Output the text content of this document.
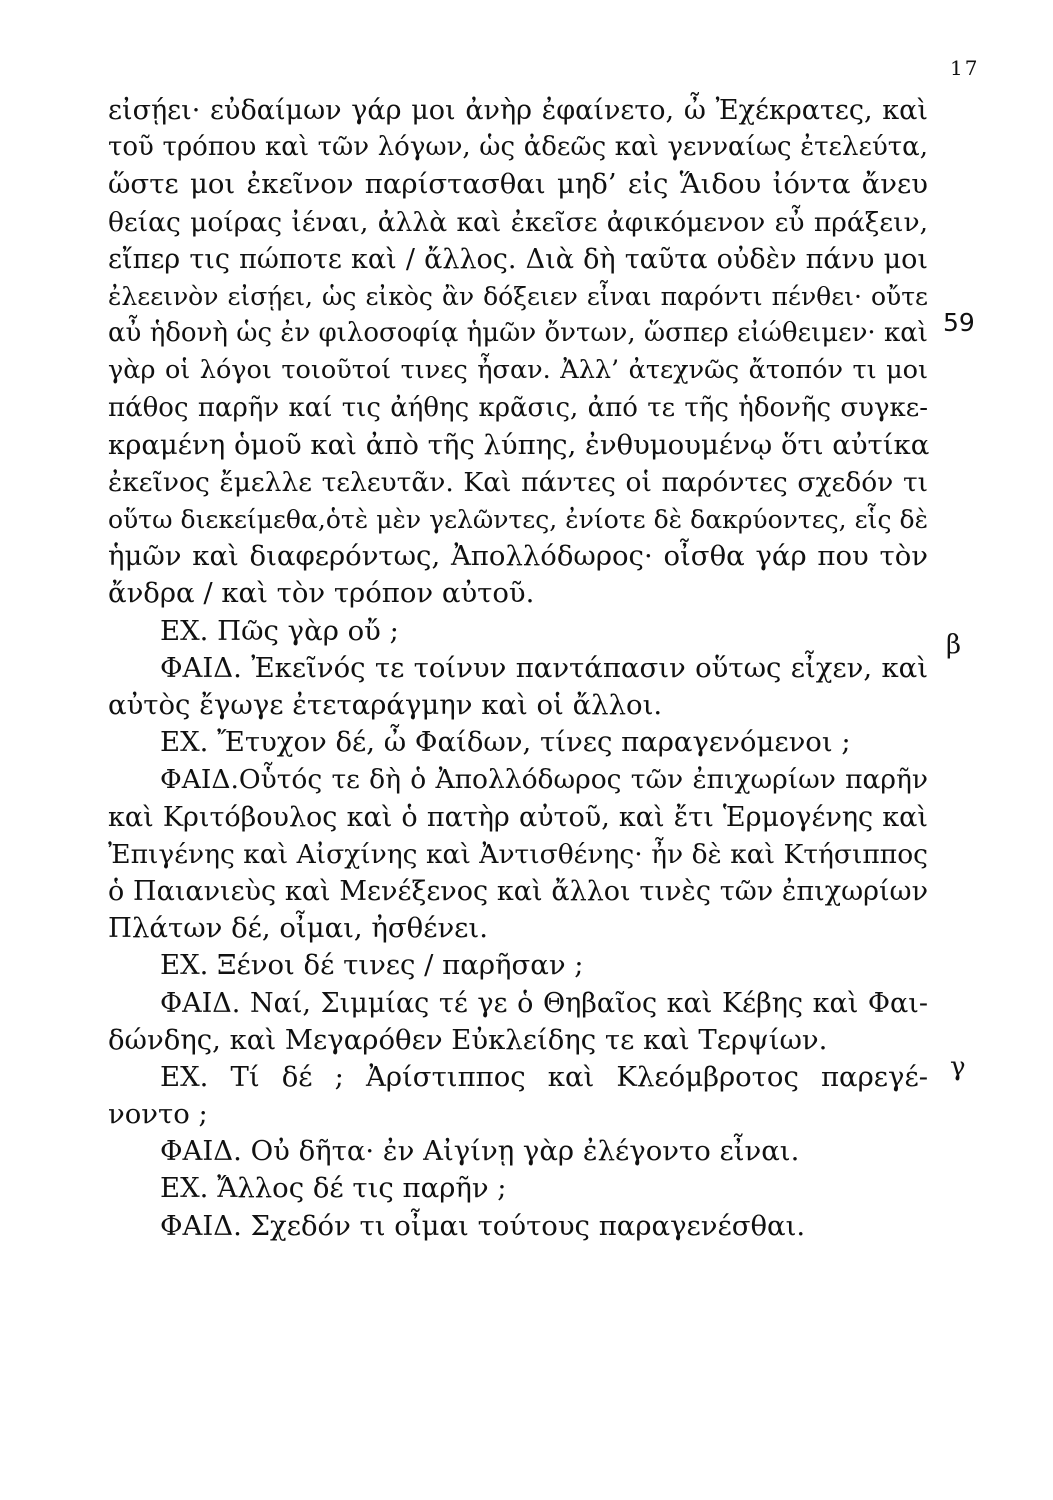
17
59
β
γ
εἰσῄει· εὐδαίμων γάρ μοι ἀνὴρ ἐφαίνετο, ὦ Ἐχέκρατες, καὶ
τοῦ τρόπου καὶ τῶν λόγων, ὡς ἀδεῶς καὶ γενναίως ἐτελεύτα,
ὥστε μοι ἐκεῖνον παρίστασθαι μηδ’ εἰς Ἅιδου ἰόντα ἄνευ
θείας μοίρας ἰέναι, ἀλλὰ καὶ ἐκεῖσε ἀφικόμενον εὖ πράξειν,
εἴπερ τις πώποτε καὶ / ἄλλος. Διὰ δὴ ταῦτα οὐδὲν πάνυ μοι
ἐλεεινὸν εἰσῄει, ὡς εἰκὸς ἂν δόξειεν εἶναι παρόντι πένθει· οὔτε
αὖ ἡδονὴ ὡς ἐν φιλοσοφίᾳ ἡμῶν ὄντων, ὥσπερ εἰώθειμεν· καὶ
γὰρ οἱ λόγοι τοιοῦτοί τινες ἦσαν. Ἀλλ’ ἀτεχνῶς ἄτοπόν τι μοι
πάθος παρῆν καί τις ἀήθης κρᾶσις, ἀπό τε τῆς ἡδονῆς συγκε-
κραμένη ὁμοῦ καὶ ἀπὸ τῆς λύπης, ἐνθυμουμένῳ ὅτι αὐτίκα
ἐκεῖνος ἔμελλε τελευτᾶν. Καὶ πάντες οἱ παρόντες σχεδόν τι
οὕτω διεκείμεθα,ὁτὲ μὲν γελῶντες, ἐνίοτε δὲ δακρύοντες, εἷς δὲ
ἡμῶν καὶ διαφερόντως, Ἀπολλόδωρος· οἶσθα γάρ που τὸν
ἄνδρα / καὶ τὸν τρόπον αὐτοῦ.
ΕΧ. Πῶς γὰρ οὔ ;
ΦΑΙΔ. Ἐκεῖνός τε τοίνυν παντάπασιν οὕτως εἶχεν, καὶ
αὐτὸς ἔγωγε ἐτεταράγμην καὶ οἱ ἄλλοι.
ΕΧ. Ἔτυχον δέ, ὦ Φαίδων, τίνες παραγενόμενοι ;
ΦΑΙΔ.Οὗτός τε δὴ ὁ Ἀπολλόδωρος τῶν ἐπιχωρίων παρῆν
καὶ Κριτόβουλος καὶ ὁ πατὴρ αὐτοῦ, καὶ ἔτι Ἑρμογένης καὶ
Ἐπιγένης καὶ Αἰσχίνης καὶ Ἀντισθένης· ἦν δὲ καὶ Κτήσιππος
ὁ Παιανιεὺς καὶ Μενέξενος καὶ ἄλλοι τινὲς τῶν ἐπιχωρίων
Πλάτων δέ, οἶμαι, ἠσθένει.
ΕΧ. Ξένοι δέ τινες / παρῆσαν ;
ΦΑΙΔ. Ναί, Σιμμίας τέ γε ὁ Θηβαῖος καὶ Κέβης καὶ Φαι-
δώνδης, καὶ Μεγαρόθεν Εὐκλείδης τε καὶ Τερψίων.
ΕΧ. Τί δέ ; Ἀρίστιππος καὶ Κλεόμβροτος παρεγέ-
νοντο ;
ΦΑΙΔ. Οὐ δῆτα· ἐν Αἰγίνῃ γὰρ ἐλέγοντο εἶναι.
ΕΧ. Ἄλλος δέ τις παρῆν ;
ΦΑΙΔ. Σχεδόν τι οἶμαι τούτους παραγενέσθαι.
